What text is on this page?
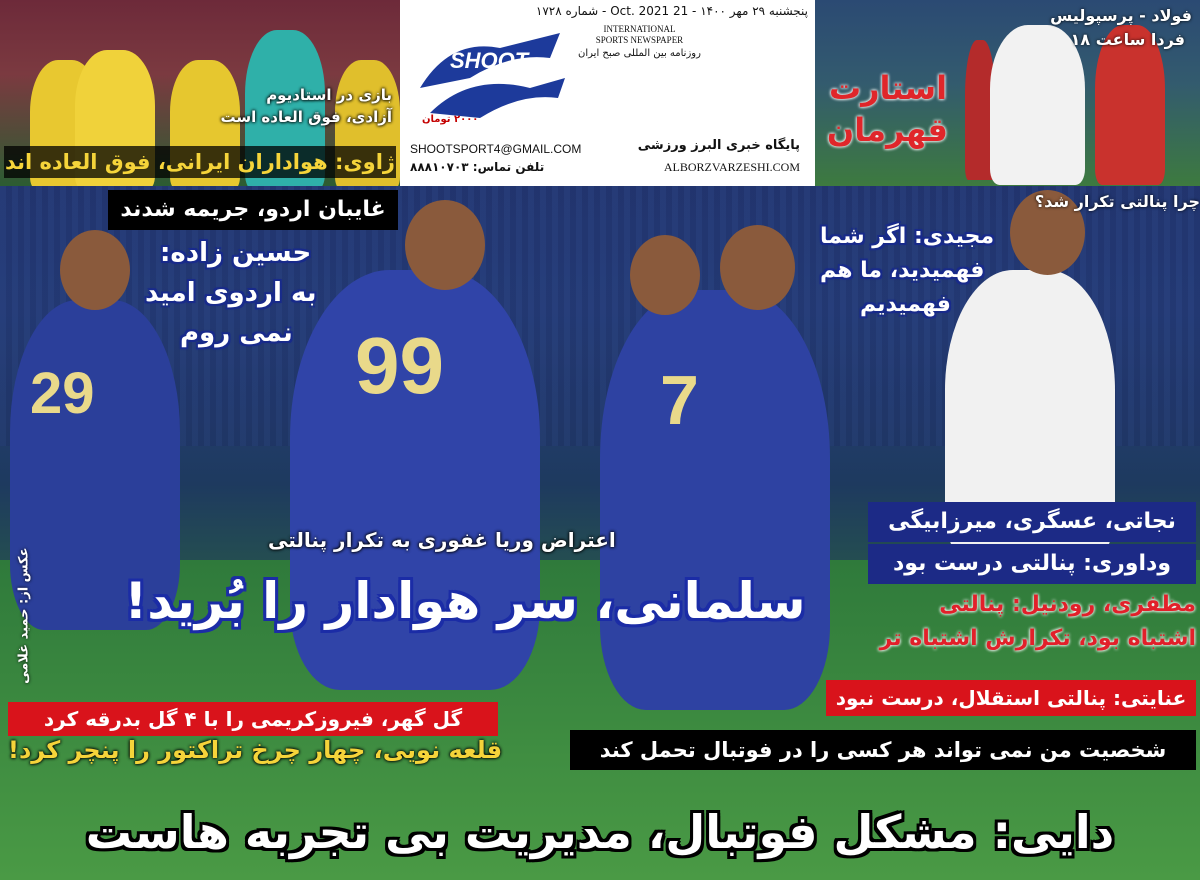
29	99	7
بازی در استادیوم
آزادی، فوق العاده است
ژاوی: هواداران ایرانی، فوق العاده اند
SHOOT
پنجشنبه ۲۹ مهر ۱۴۰۰ - 21 Oct. 2021 - شماره ۱۷۲۸
INTERNATIONAL
SPORTS NEWSPAPER
روزنامه بین المللی صبح ایران
۲۰۰۰ تومان
پایگاه خبری البرز ورزشی
ALBORZVARZESHI.COM
SHOOTSPORT4@GMAIL.COM
تلفن تماس: ۸۸۸۱۰۷۰۳
فولاد - پرسپولیس
فردا ساعت ۱۸
استارت
قهرمان
غایبان اردو، جریمه شدند
حسین زاده:
به اردوی امید
نمی روم
چرا پنالتی تکرار شد؟
مجیدی: اگر شما
فهمیدید، ما هم
فهمیدیم
نجاتی، عسگری، میرزابیگی
وداوری: پنالتی درست بود
مظفری، رودنیل: پنالتی
اشتباه بود، تکرارش اشتباه تر
عنایتی: پنالتی استقلال، درست نبود
اعتراض وریا غفوری به تکرار پنالتی
سلمانی، سر هوادار را بُرید!
گل گهر، فیروزکریمی را با ۴ گل بدرقه کرد
قلعه نویی، چهار چرخ تراکتور را پنچر کرد!	شخصیت من نمی تواند هر کسی را در فوتبال تحمل کند
دایی: مشکل فوتبال، مدیریت بی تجربه هاست
عکس از: حمید غلامی
